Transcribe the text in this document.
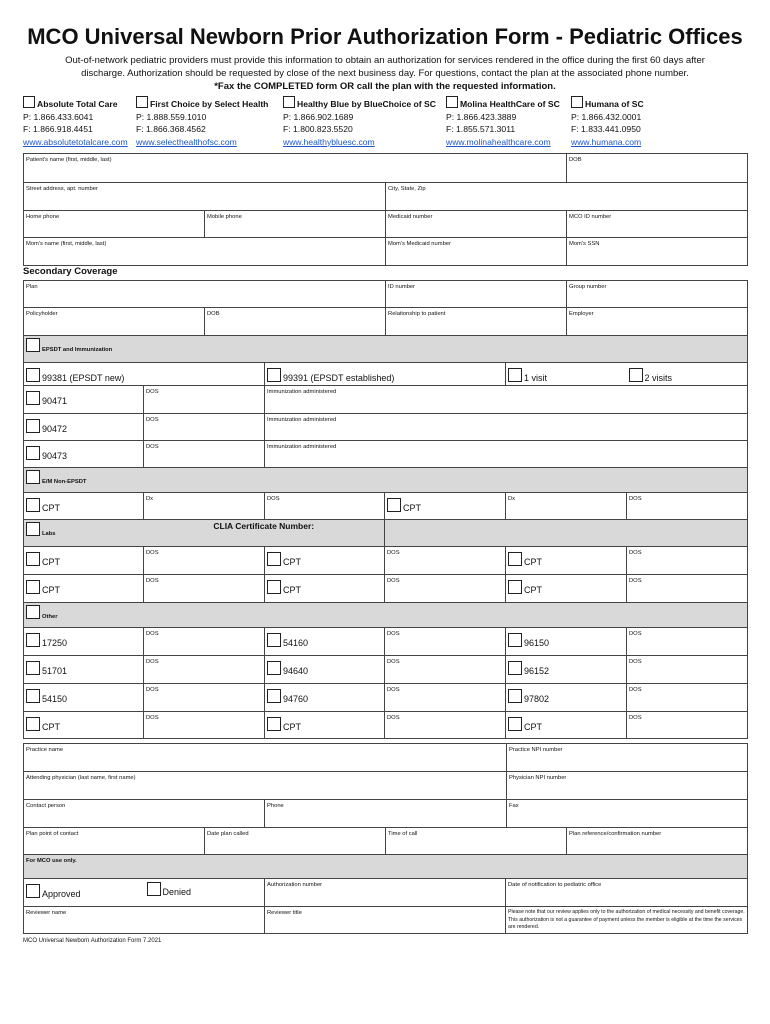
MCO Universal Newborn Prior Authorization Form - Pediatric Offices
Out-of-network pediatric providers must provide this information to obtain an authorization for services rendered in the office during the first 60 days after
discharge. Authorization should be requested by close of the next business day. For questions, contact the plan at the associated phone number.
*Fax the COMPLETED form OR call the plan with the requested information.
Absolute Total Care
P: 1.866.433.6041
F: 1.866.918.4451
www.absolutetotalcare.com
First Choice by Select Health
P: 1.888.559.1010
F: 1.866.368.4562
www.selecthealthofsc.com
Healthy Blue by BlueChoice of SC
P: 1.866.902.1689
F: 1.800.823.5520
www.healthybluesc.com
Molina HealthCare of SC
P: 1.866.423.3889
F: 1.855.571.3011
www.molinahealthcare.com
Humana of SC
P: 1.866.432.0001
F: 1.833.441.0950
www.humana.com
Patient's name (first, middle, last)			DOB
Street address, apt. number		City, State, Zip	
Home phone	Mobile phone	Medicaid number	MCO ID number
Mom's name (first, middle, last)		Mom's Medicaid number	Mom's SSN
Secondary Coverage
Plan		ID number	Group number
Policyholder	DOB	Relationship to patient	Employer
EPSDT and Immunization					
99381 (EPSDT new)		99391 (EPSDT established)		1 visit	2 visits
90471	DOS	Immunization administered			
90472	DOS	Immunization administered			
90473	DOS	Immunization administered			
E/M Non-EPSDT					
CPT	Dx	DOS	CPT	Dx	DOS
Labs	CLIA Certificate Number:				
CPT	DOS	CPT	DOS	CPT	DOS
CPT	DOS	CPT	DOS	CPT	DOS
Other					
17250	DOS	54160	DOS	96150	DOS
51701	DOS	94640	DOS	96152	DOS
54150	DOS	94760	DOS	97802	DOS
CPT	DOS	CPT	DOS	CPT	DOS
Practice name		Practice NPI number
Attending physician (last name, first name)		Physician NPI number
Contact person	Phone	Fax
Plan point of contact	Date plan called	Time of call	Plan reference/confirmation number
For MCO use only.			
Approved	Denied	Authorization number	Date of notification to pediatric office
Reviewer name		Reviewer title	Please note that our review applies only to the authorization of medical necessity and benefit coverage. This authorization is not a guarantee of payment unless the member is eligible at the time the services are rendered.
MCO Universal Newborn Authorization Form 7.2021
